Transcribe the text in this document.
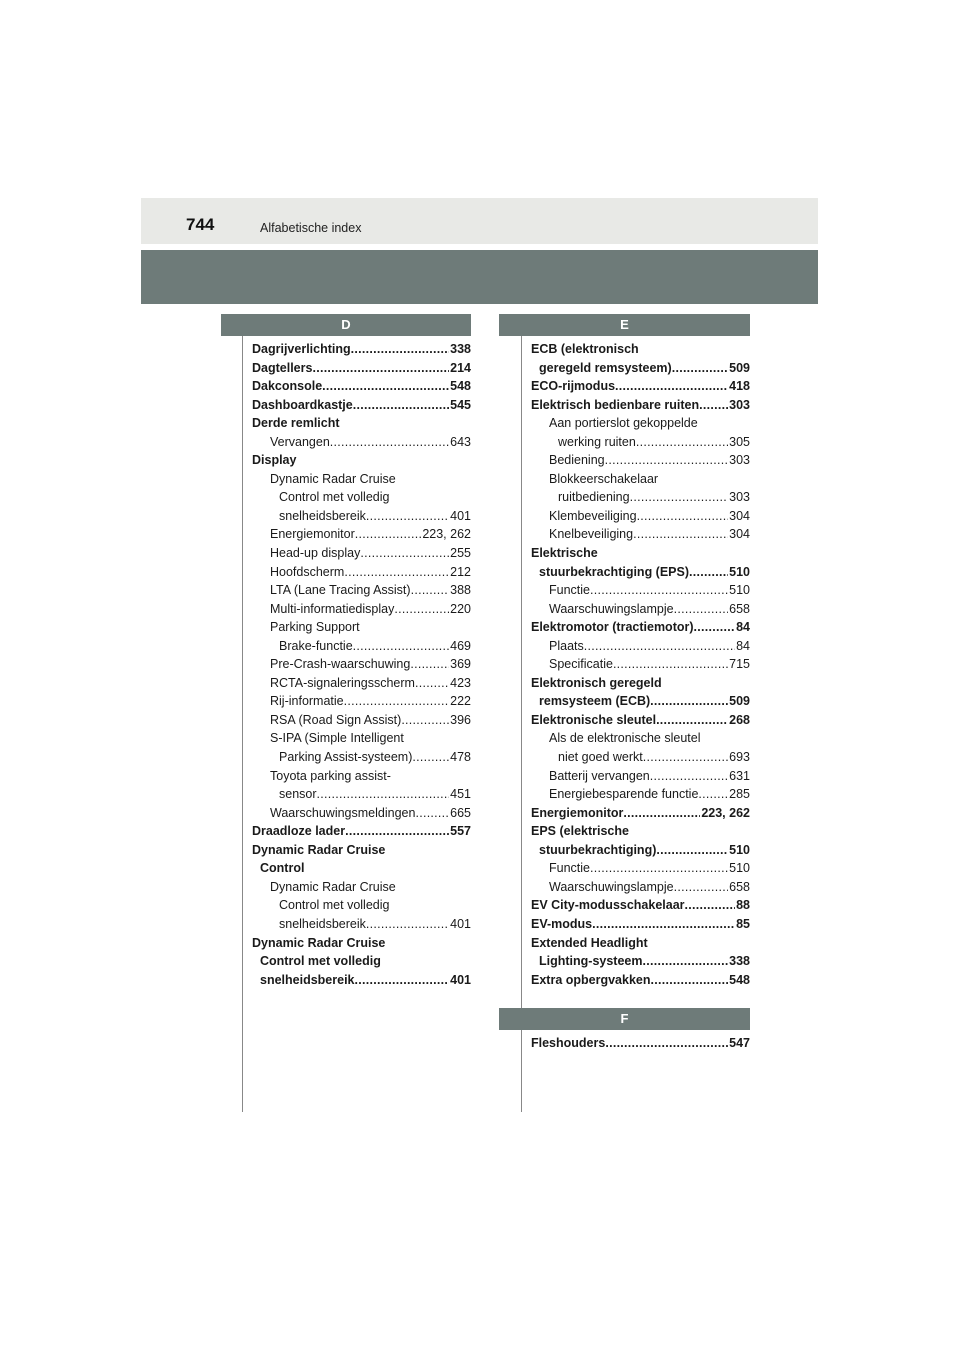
744	Alfabetische index
D	E
F
Dagrijverlichting . . .	338
Dagtellers . . .	214
Dakconsole . . .	548
Dashboardkastje . . .	545
Derde remlicht
Vervangen . . .	643
Display
Dynamic Radar Cruise
Control met volledig
snelheidsbereik . . .	401
Energiemonitor . . .	223, 262
Head-up display . . .	255
Hoofdscherm . . .	212
LTA (Lane Tracing Assist) . . .	388
Multi-informatiedisplay . . .	220
Parking Support
Brake-functie . . .	469
Pre-Crash-waarschuwing . . .	369
RCTA-signaleringsscherm . . .	423
Rij-informatie . . .	222
RSA (Road Sign Assist) . . .	396
S-IPA (Simple Intelligent
Parking Assist-systeem) . . .	478
Toyota parking assist-
sensor . . .	451
Waarschuwingsmeldingen . . .	665
Draadloze lader . . .	557
Dynamic Radar Cruise
Control
Dynamic Radar Cruise
Control met volledig
snelheidsbereik . . .	401
Dynamic Radar Cruise
Control met volledig
snelheidsbereik . . .	401
ECB (elektronisch
geregeld remsysteem) . . .	509
ECO-rijmodus . . .	418
Elektrisch bedienbare ruiten . . . 303
Aan portierslot gekoppelde
werking ruiten . . .	305
Bediening . . .	303
Blokkeerschakelaar
ruitbediening . . .	303
Klembeveiliging . . .	304
Knelbeveiliging . . .	304
Elektrische
stuurbekrachtiging (EPS) . . .	510
Functie . . .	510
Waarschuwingslampje . . .	658
Elektromotor (tractiemotor) . . .	84
Plaats . . .	84
Specificatie . . .	715
Elektronisch geregeld
remsysteem (ECB) . . .	509
Elektronische sleutel . . .	268
Als de elektronische sleutel
niet goed werkt . . .	693
Batterij vervangen . . .	631
Energiebesparende functie . . . 285
Energiemonitor . . .	223, 262
EPS (elektrische
stuurbekrachtiging) . . .	510
Functie . . .	510
Waarschuwingslampje . . .	658
EV City-modusschakelaar . . .	88
EV-modus . . .	85
Extended Headlight
Lighting-systeem . . .	338
Extra opbergvakken . . .	548
Fleshouders . . .	547
